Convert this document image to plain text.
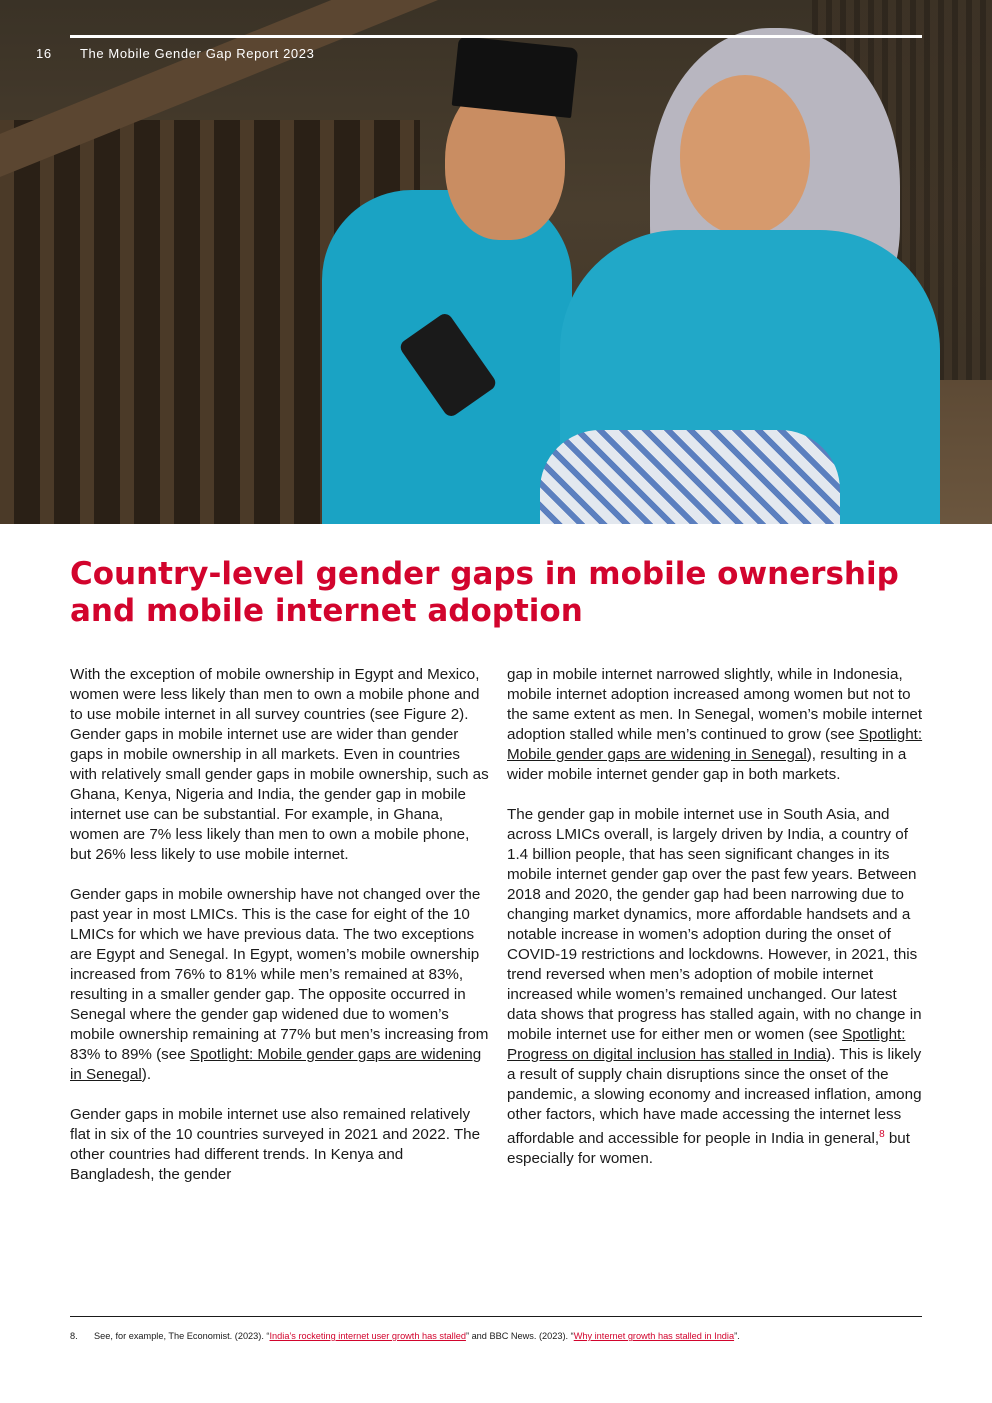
16 The Mobile Gender Gap Report 2023
Country-level gender gaps in mobile ownership and mobile internet adoption

With the exception of mobile ownership in Egypt and Mexico, women were less likely than men to own a mobile phone and to use mobile internet in all survey countries (see Figure 2). Gender gaps in mobile internet use are wider than gender gaps in mobile ownership in all markets. Even in countries with relatively small gender gaps in mobile ownership, such as Ghana, Kenya, Nigeria and India, the gender gap in mobile internet use can be substantial. For example, in Ghana, women are 7% less likely than men to own a mobile phone, but 26% less likely to use mobile internet.

Gender gaps in mobile ownership have not changed over the past year in most LMICs. This is the case for eight of the 10 LMICs for which we have previous data. The two exceptions are Egypt and Senegal. In Egypt, women’s mobile ownership increased from 76% to 81% while men’s remained at 83%, resulting in a smaller gender gap. The opposite occurred in Senegal where the gender gap widened due to women’s mobile ownership remaining at 77% but men’s increasing from 83% to 89% (see Spotlight: Mobile gender gaps are widening in Senegal).

Gender gaps in mobile internet use also remained relatively flat in six of the 10 countries surveyed in 2021 and 2022. The other countries had different trends. In Kenya and Bangladesh, the gender

gap in mobile internet narrowed slightly, while in Indonesia, mobile internet adoption increased among women but not to the same extent as men. In Senegal, women’s mobile internet adoption stalled while men’s continued to grow (see Spotlight: Mobile gender gaps are widening in Senegal), resulting in a wider mobile internet gender gap in both markets.

The gender gap in mobile internet use in South Asia, and across LMICs overall, is largely driven by India, a country of 1.4 billion people, that has seen significant changes in its mobile internet gender gap over the past few years. Between 2018 and 2020, the gender gap had been narrowing due to changing market dynamics, more affordable handsets and a notable increase in women’s adoption during the onset of COVID-19 restrictions and lockdowns. However, in 2021, this trend reversed when men’s adoption of mobile internet increased while women’s remained unchanged. Our latest data shows that progress has stalled again, with no change in mobile internet use for either men or women (see Spotlight: Progress on digital inclusion has stalled in India). This is likely a result of supply chain disruptions since the onset of the pandemic, a slowing economy and increased inflation, among other factors, which have made accessing the internet less affordable and accessible for people in India in general,$^8$ but especially for women.

8. See, for example, The Economist. (2023). “India’s rocketing internet user growth has stalled” and BBC News. (2023). “Why internet growth has stalled in India”.
